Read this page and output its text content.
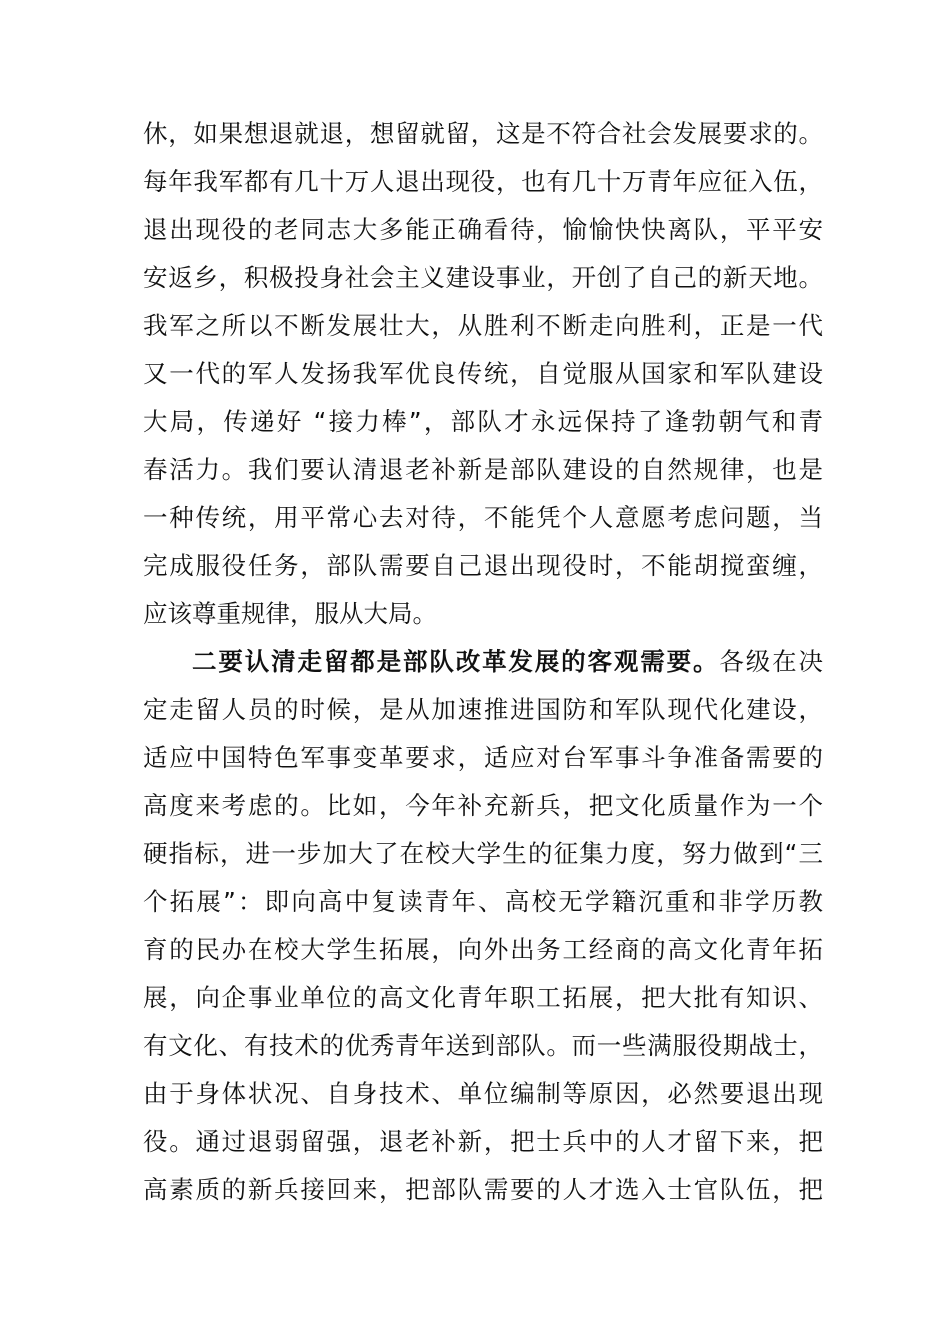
休，如果想退就退，想留就留，这是不符合社会发展要求的。
每年我军都有几十万人退出现役，也有几十万青年应征入伍，
退出现役的老同志大多能正确看待，愉愉快快离队，平平安
安返乡，积极投身社会主义建设事业，开创了自己的新天地。
我军之所以不断发展壮大，从胜利不断走向胜利，正是一代
又一代的军人发扬我军优良传统，自觉服从国家和军队建设
大局，传递好 “接力棒”，部队才永远保持了逢勃朝气和青
春活力。我们要认清退老补新是部队建设的自然规律，也是
一种传统，用平常心去对待，不能凭个人意愿考虑问题，当
完成服役任务，部队需要自己退出现役时，不能胡搅蛮缠，
应该尊重规律，服从大局。
二要认清走留都是部队改革发展的客观需要。各级在决
定走留人员的时候，是从加速推进国防和军队现代化建设，
适应中国特色军事变革要求，适应对台军事斗争准备需要的
高度来考虑的。比如，今年补充新兵，把文化质量作为一个
硬指标，进一步加大了在校大学生的征集力度，努力做到“三
个拓展”：即向高中复读青年、高校无学籍沉重和非学历教
育的民办在校大学生拓展，向外出务工经商的高文化青年拓
展，向企事业单位的高文化青年职工拓展，把大批有知识、
有文化、有技术的优秀青年送到部队。而一些满服役期战士，
由于身体状况、自身技术、单位编制等原因，必然要退出现
役。通过退弱留强，退老补新，把士兵中的人才留下来，把
高素质的新兵接回来，把部队需要的人才选入士官队伍，把
